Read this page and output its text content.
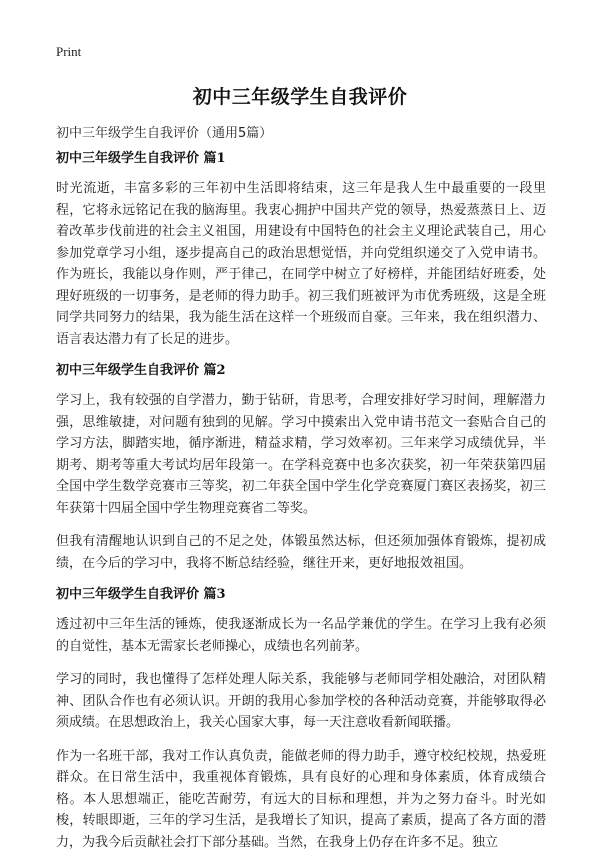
Print
初中三年级学生自我评价
初中三年级学生自我评价（通用5篇）
初中三年级学生自我评价 篇1

时光流逝，丰富多彩的三年初中生活即将结束，这三年是我人生中最重要的一段里程，它将永远铭记在我的脑海里。我衷心拥护中国共产党的领导，热爱蒸蒸日上、迈着改革步伐前进的社会主义祖国，用建设有中国特色的社会主义理论武装自己，用心参加党章学习小组，逐步提高自己的政治思想觉悟，并向党组织递交了入党申请书。作为班长，我能以身作则，严于律己，在同学中树立了好榜样，并能团结好班委，处理好班级的一切事务，是老师的得力助手。初三我们班被评为市优秀班级，这是全班同学共同努力的结果，我为能生活在这样一个班级而自豪。三年来，我在组织潜力、语言表达潜力有了长足的进步。

初中三年级学生自我评价 篇2

学习上，我有较强的自学潜力，勤于钻研，肯思考，合理安排好学习时间，理解潜力强，思维敏捷，对问题有独到的见解。学习中摸索出入党申请书范文一套贴合自己的学习方法，脚踏实地，循序渐进，精益求精，学习效率初。三年来学习成绩优异，半期考、期考等重大考试均居年段第一。在学科竞赛中也多次获奖，初一年荣获第四届全国中学生数学竞赛市三等奖，初二年获全国中学生化学竞赛厦门赛区表扬奖，初三年获第十四届全国中学生物理竞赛省二等奖。

但我有清醒地认识到自己的不足之处，体锻虽然达标，但还须加强体育锻炼，提初成绩，在今后的学习中，我将不断总结经验，继往开来，更好地报效祖国。

初中三年级学生自我评价 篇3

透过初中三年生活的锤炼，使我逐渐成长为一名品学兼优的学生。在学习上我有必须的自觉性，基本无需家长老师操心，成绩也名列前茅。

学习的同时，我也懂得了怎样处理人际关系，我能够与老师同学相处融洽，对团队精神、团队合作也有必须认识。开朗的我用心参加学校的各种活动竞赛，并能够取得必须成绩。在思想政治上，我关心国家大事，每一天注意收看新闻联播。

作为一名班干部，我对工作认真负责，能做老师的得力助手，遵守校纪校规，热爱班群众。在日常生活中，我重视体育锻炼，具有良好的心理和身体素质，体育成绩合格。本人思想端正，能吃苦耐劳，有远大的目标和理想，并为之努力奋斗。时光如梭，转眼即逝，三年的学习生活，是我增长了知识，提高了素质，提高了各方面的潜力，为我今后贡献社会打下部分基础。当然，在我身上仍存在许多不足。独立
